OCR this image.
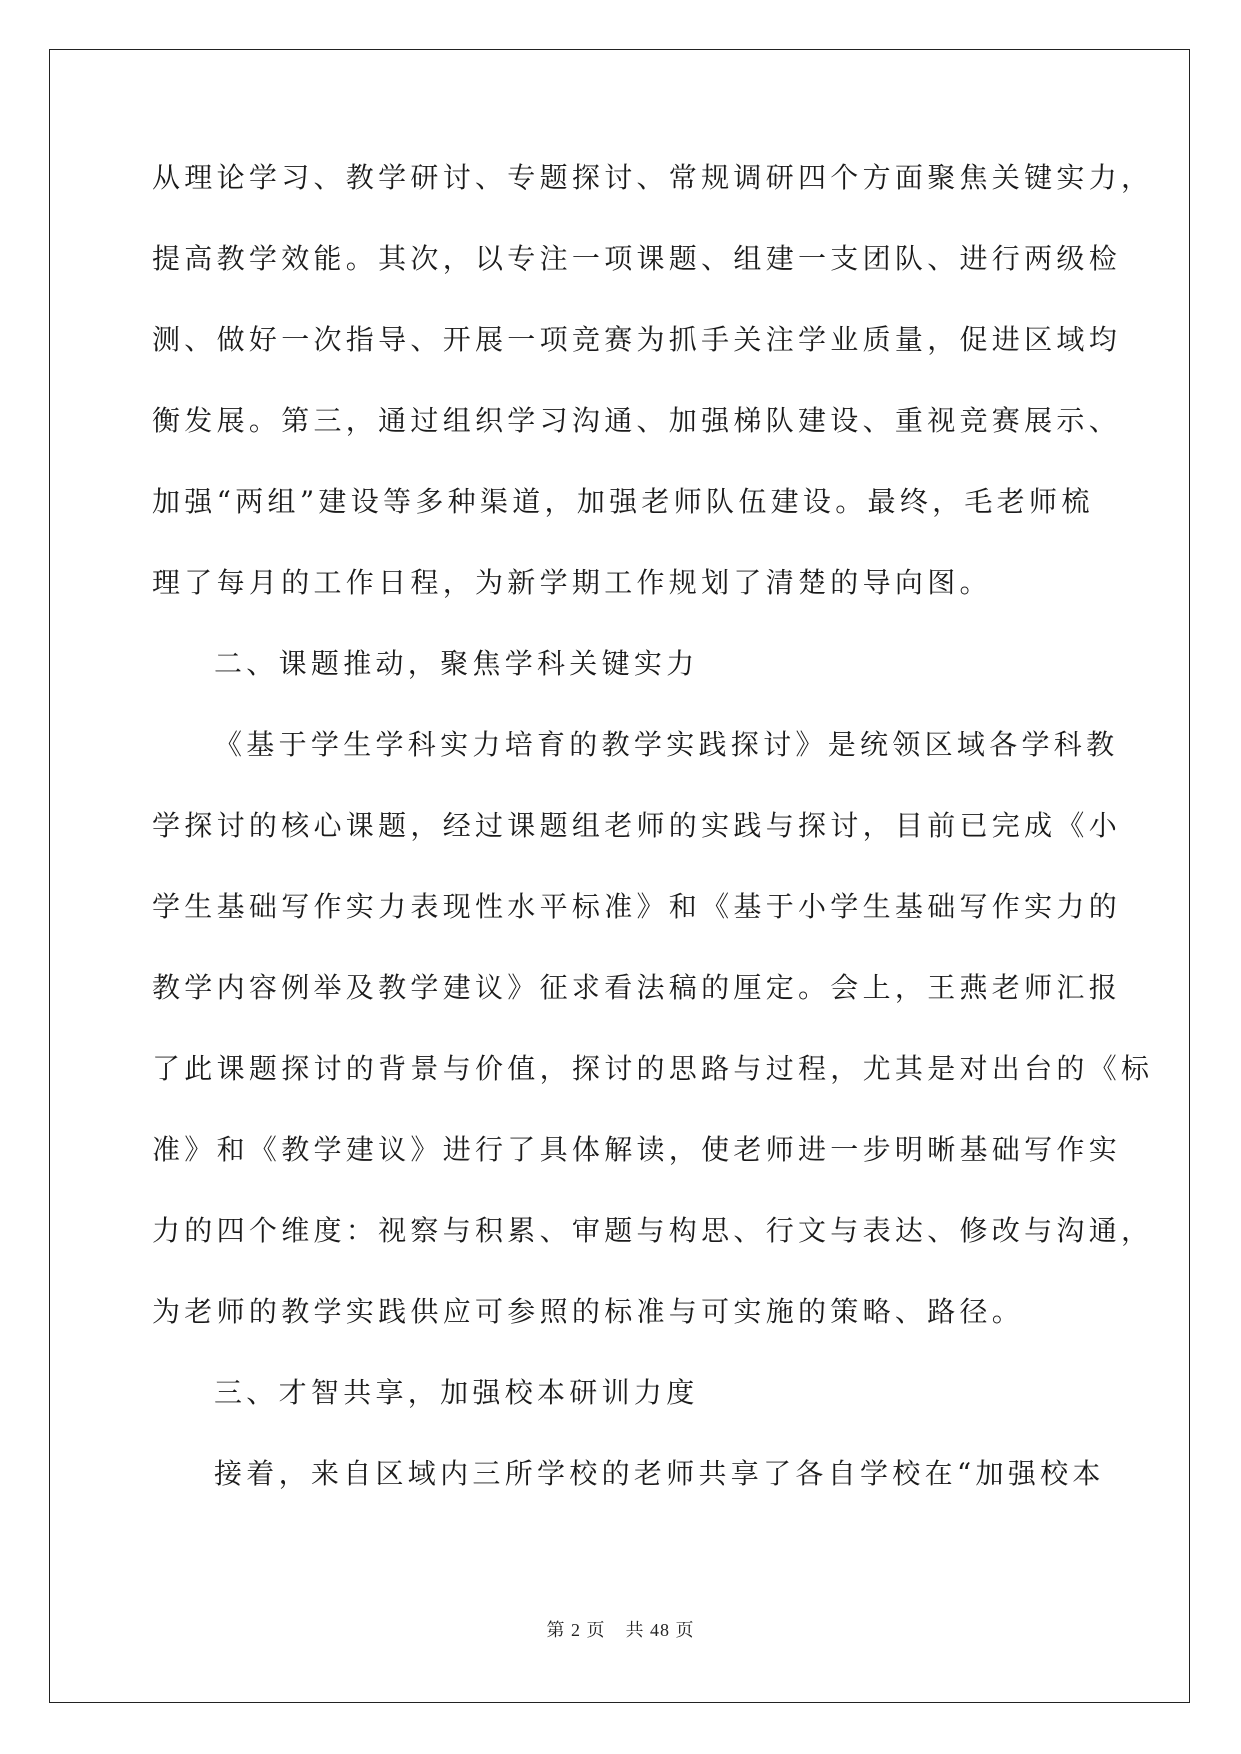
从理论学习、教学研讨、专题探讨、常规调研四个方面聚焦关键实力，
提高教学效能。其次，以专注一项课题、组建一支团队、进行两级检
测、做好一次指导、开展一项竞赛为抓手关注学业质量，促进区域均
衡发展。第三，通过组织学习沟通、加强梯队建设、重视竞赛展示、
加强“两组”建设等多种渠道，加强老师队伍建设。最终，毛老师梳
理了每月的工作日程，为新学期工作规划了清楚的导向图。
二、课题推动，聚焦学科关键实力
《基于学生学科实力培育的教学实践探讨》是统领区域各学科教
学探讨的核心课题，经过课题组老师的实践与探讨，目前已完成《小
学生基础写作实力表现性水平标准》和《基于小学生基础写作实力的
教学内容例举及教学建议》征求看法稿的厘定。会上，王燕老师汇报
了此课题探讨的背景与价值，探讨的思路与过程，尤其是对出台的《标
准》和《教学建议》进行了具体解读，使老师进一步明晰基础写作实
力的四个维度：视察与积累、审题与构思、行文与表达、修改与沟通，
为老师的教学实践供应可参照的标准与可实施的策略、路径。
三、才智共享，加强校本研训力度
接着，来自区域内三所学校的老师共享了各自学校在“加强校本
第 2 页 共 48 页
